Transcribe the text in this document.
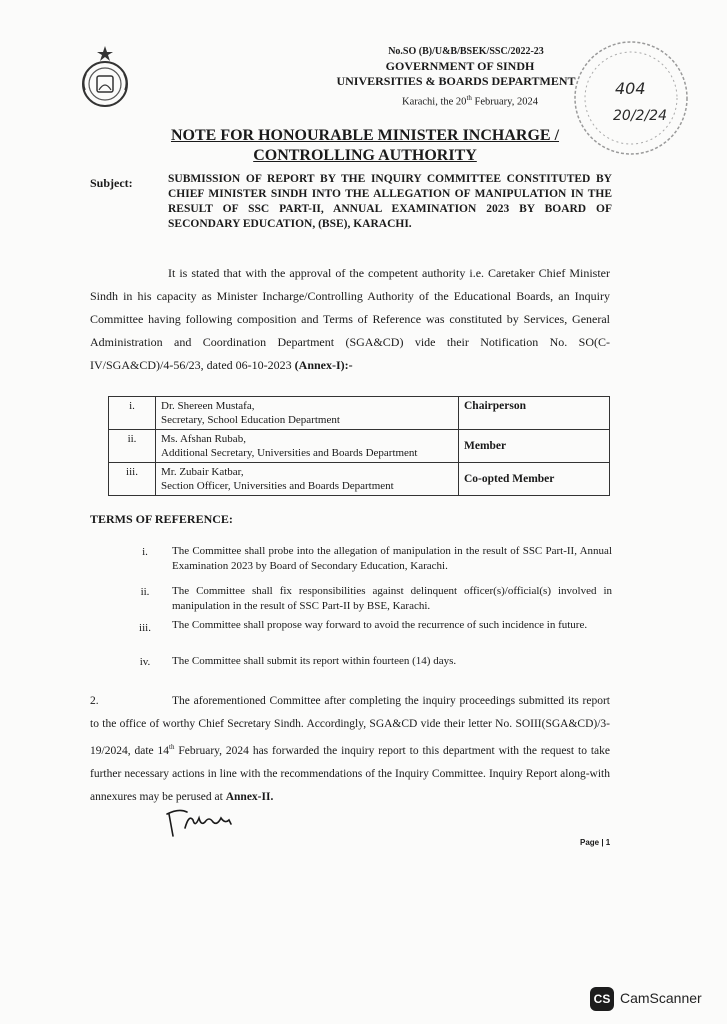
No.SO (B)/U&B/BSEK/SSC/2022-23
GOVERNMENT OF SINDH
UNIVERSITIES & BOARDS DEPARTMENT
Karachi, the 20th February, 2024
404
20/2/24
NOTE FOR HONOURABLE MINISTER INCHARGE /
CONTROLLING AUTHORITY
Subject:	SUBMISSION OF REPORT BY THE INQUIRY COMMITTEE CONSTITUTED BY CHIEF MINISTER SINDH INTO THE ALLEGATION OF MANIPULATION IN THE RESULT OF SSC PART-II, ANNUAL EXAMINATION 2023 BY BOARD OF SECONDARY EDUCATION, (BSE), KARACHI.
It is stated that with the approval of the competent authority i.e. Caretaker Chief Minister Sindh in his capacity as Minister Incharge/Controlling Authority of the Educational Boards, an Inquiry Committee having following composition and Terms of Reference was constituted by Services, General Administration and Coordination Department (SGA&CD) vide their Notification No. SO(C-IV/SGA&CD)/4-56/23, dated 06-10-2023 (Annex-I):-
i.	Dr. Shereen Mustafa,
Secretary, School Education Department	Chairperson
ii.	Ms. Afshan Rubab,
Additional Secretary, Universities and Boards Department	Member
iii.	Mr. Zubair Katbar,
Section Officer, Universities and Boards Department	Co-opted Member
TERMS OF REFERENCE:
i.	The Committee shall probe into the allegation of manipulation in the result of SSC Part-II, Annual Examination 2023 by Board of Secondary Education, Karachi.
ii.	The Committee shall fix responsibilities against delinquent officer(s)/official(s) involved in manipulation in the result of SSC Part-II by BSE, Karachi.
iii.	The Committee shall propose way forward to avoid the recurrence of such incidence in future.
iv.	The Committee shall submit its report within fourteen (14) days.
2.	The aforementioned Committee after completing the inquiry proceedings submitted its report to the office of worthy Chief Secretary Sindh. Accordingly, SGA&CD vide their letter No. SOIII(SGA&CD)/3-19/2024, date 14th February, 2024 has forwarded the inquiry report to this department with the request to take further necessary actions in line with the recommendations of the Inquiry Committee. Inquiry Report along-with annexures may be perused at Annex-II.
Page | 1
CS CamScanner
